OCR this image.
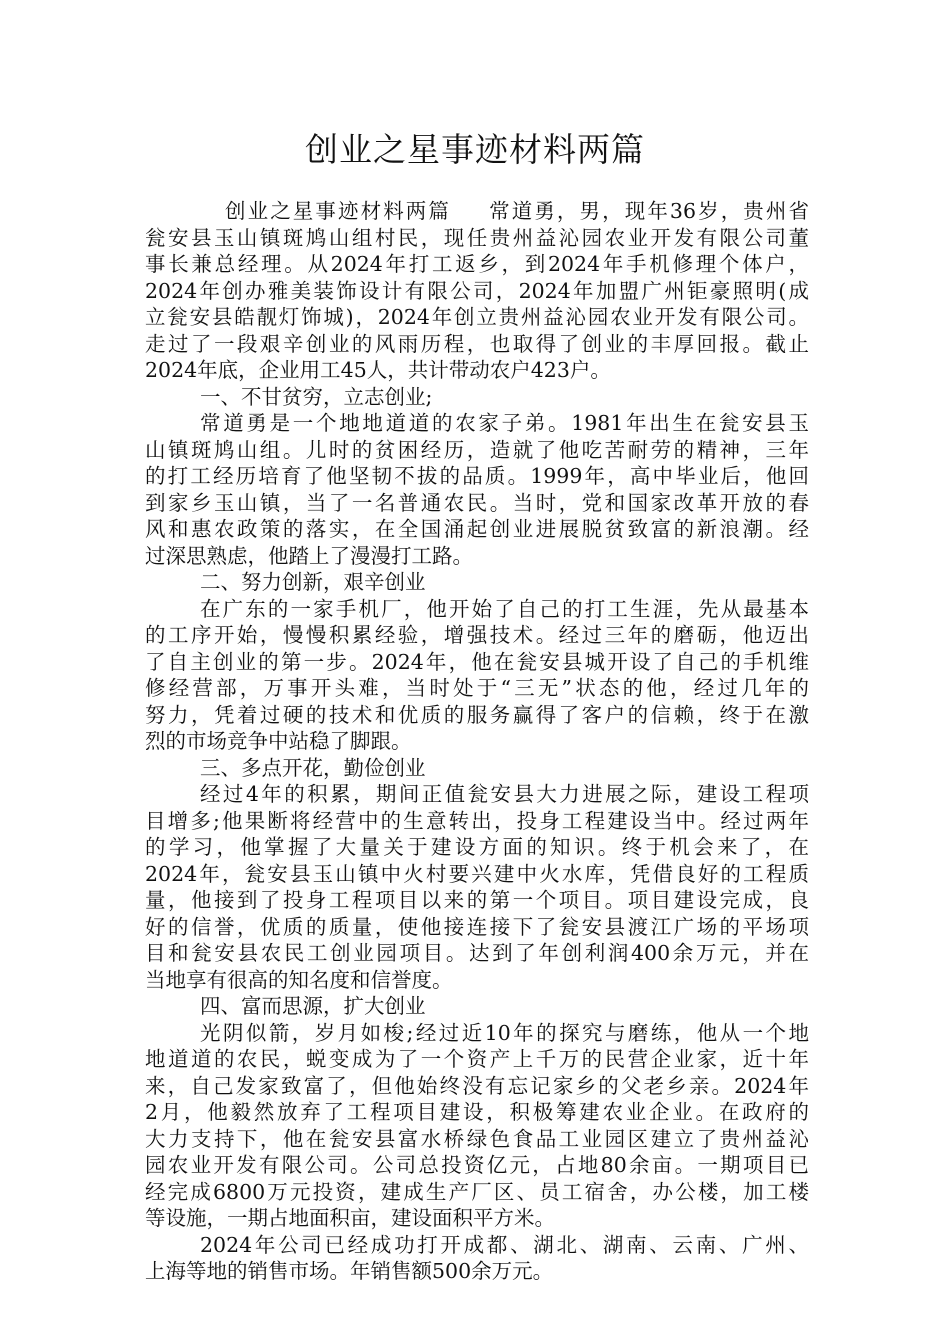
创业之星事迹材料两篇
创业之星事迹材料两篇 常道勇，男，现年36岁，贵州省
瓮安县玉山镇斑鸠山组村民，现任贵州益沁园农业开发有限公司董
事长兼总经理。从2024年打工返乡，到2024年手机修理个体户，
2024年创办雅美装饰设计有限公司，2024年加盟广州钜豪照明(成
立瓮安县皓靓灯饰城)，2024年创立贵州益沁园农业开发有限公司。
走过了一段艰辛创业的风雨历程，也取得了创业的丰厚回报。截止
2024年底，企业用工45人，共计带动农户423户。
一、不甘贫穷，立志创业;
常道勇是一个地地道道的农家子弟。1981年出生在瓮安县玉
山镇斑鸠山组。儿时的贫困经历，造就了他吃苦耐劳的精神，三年
的打工经历培育了他坚韧不拔的品质。1999年，高中毕业后，他回
到家乡玉山镇，当了一名普通农民。当时，党和国家改革开放的春
风和惠农政策的落实，在全国涌起创业进展脱贫致富的新浪潮。经
过深思熟虑，他踏上了漫漫打工路。
二、努力创新，艰辛创业
在广东的一家手机厂，他开始了自己的打工生涯，先从最基本
的工序开始，慢慢积累经验，增强技术。经过三年的磨砺，他迈出
了自主创业的第一步。2024年，他在瓮安县城开设了自己的手机维
修经营部，万事开头难，当时处于“三无”状态的他，经过几年的
努力，凭着过硬的技术和优质的服务赢得了客户的信赖，终于在激
烈的市场竞争中站稳了脚跟。
三、多点开花，勤俭创业
经过4年的积累，期间正值瓮安县大力进展之际，建设工程项
目增多;他果断将经营中的生意转出，投身工程建设当中。经过两年
的学习，他掌握了大量关于建设方面的知识。终于机会来了，在
2024年，瓮安县玉山镇中火村要兴建中火水库，凭借良好的工程质
量，他接到了投身工程项目以来的第一个项目。项目建设完成，良
好的信誉，优质的质量，使他接连接下了瓮安县渡江广场的平场项
目和瓮安县农民工创业园项目。达到了年创利润400余万元，并在
当地享有很高的知名度和信誉度。
四、富而思源，扩大创业
光阴似箭，岁月如梭;经过近10年的探究与磨练，他从一个地
地道道的农民，蜕变成为了一个资产上千万的民营企业家，近十年
来，自己发家致富了，但他始终没有忘记家乡的父老乡亲。2024年
2月，他毅然放弃了工程项目建设，积极筹建农业企业。在政府的
大力支持下，他在瓮安县富水桥绿色食品工业园区建立了贵州益沁
园农业开发有限公司。公司总投资亿元，占地80余亩。一期项目已
经完成6800万元投资，建成生产厂区、员工宿舍，办公楼，加工楼
等设施，一期占地面积亩，建设面积平方米。
2024年公司已经成功打开成都、湖北、湖南、云南、广州、
上海等地的销售市场。年销售额500余万元。
